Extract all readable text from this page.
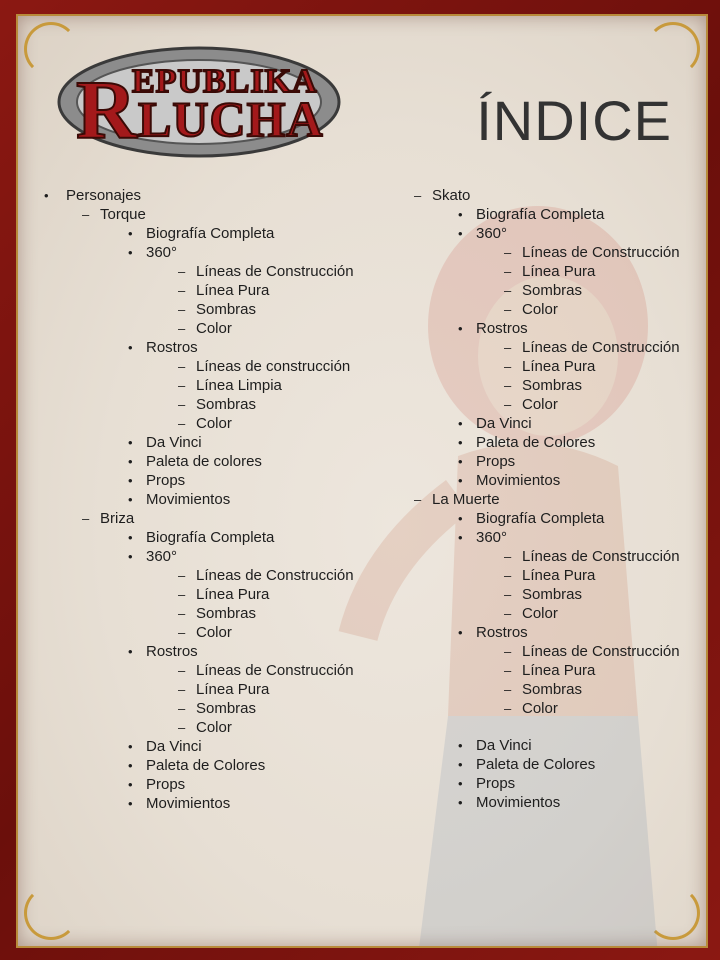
R
EPUBLIKA
LUCHA	ÍNDICE
•	Personajes
– Torque
• Biografía Completa
• 360°
– Líneas de Construcción
– Línea Pura
– Sombras
– Color
• Rostros
– Líneas de construcción
– Línea Limpia
– Sombras
– Color
• Da Vinci
• Paleta de colores
• Props
• Movimientos
– Briza
• Biografía Completa
• 360°
– Líneas de Construcción
– Línea Pura
– Sombras
– Color
• Rostros
– Líneas de Construcción
– Línea Pura
– Sombras
– Color
• Da Vinci
• Paleta de Colores
• Props
• Movimientos
– Skato
• Biografía Completa
• 360°
– Líneas de Construcción
– Línea Pura
– Sombras
– Color
• Rostros
– Líneas de Construcción
– Línea Pura
– Sombras
– Color
• Da Vinci
• Paleta de Colores
• Props
• Movimientos
– La Muerte
• Biografía Completa
• 360°
– Líneas de Construcción
– Línea Pura
– Sombras
– Color
• Rostros
– Líneas de Construcción
– Línea Pura
– Sombras
– Color
• Da Vinci
• Paleta de Colores
• Props
• Movimientos
